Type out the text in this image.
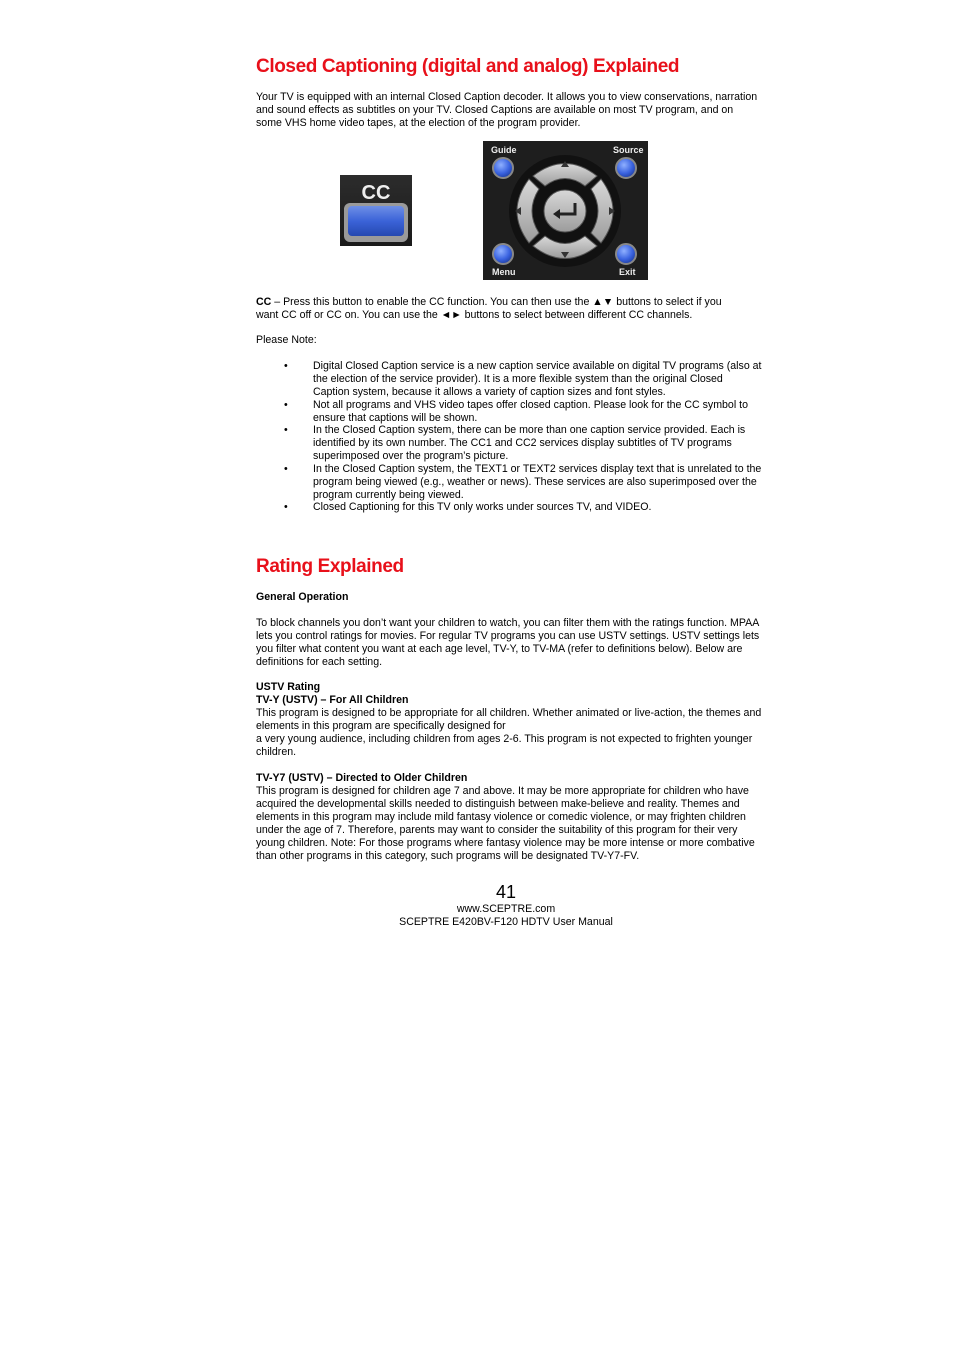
Closed Captioning (digital and analog) Explained

Your TV is equipped with an internal Closed Caption decoder. It allows you to view conservations, narration and sound effects as subtitles on your TV. Closed Captions are available on most TV program, and on some VHS home video tapes, at the election of the program provider.

CC
Guide	Source
Menu	Exit
CC – Press this button to enable the CC function. You can then use the ▲▼ buttons to select if you
want CC off or CC on. You can use the ◄► buttons to select between different CC channels.

Please Note:

• Digital Closed Caption service is a new caption service available on digital TV programs (also at the election of the service provider). It is a more flexible system than the original Closed Caption system, because it allows a variety of caption sizes and font styles.
• Not all programs and VHS video tapes offer closed caption. Please look for the CC symbol to ensure that captions will be shown.
• In the Closed Caption system, there can be more than one caption service provided. Each is identified by its own number. The CC1 and CC2 services display subtitles of TV programs superimposed over the program’s picture.
• In the Closed Caption system, the TEXT1 or TEXT2 services display text that is unrelated to the program being viewed (e.g., weather or news). These services are also superimposed over the program currently being viewed.
• Closed Captioning for this TV only works under sources TV, and VIDEO.
Rating Explained

General Operation

To block channels you don’t want your children to watch, you can filter them with the ratings function. MPAA lets you control ratings for movies. For regular TV programs you can use USTV settings. USTV settings lets you filter what content you want at each age level, TV-Y, to TV-MA (refer to definitions below). Below are definitions for each setting.

USTV Rating

TV-Y (USTV) – For All Children

This program is designed to be appropriate for all children. Whether animated or live-action, the themes and elements in this program are specifically designed for

a very young audience, including children from ages 2-6. This program is not expected to frighten younger children.

TV-Y7 (USTV) – Directed to Older Children

This program is designed for children age 7 and above. It may be more appropriate for children who have acquired the developmental skills needed to distinguish between make-believe and reality. Themes and elements in this program may include mild fantasy violence or comedic violence, or may frighten children under the age of 7. Therefore, parents may want to consider the suitability of this program for their very young children. Note: For those programs where fantasy violence may be more intense or more combative than other programs in this category, such programs will be designated TV-Y7-FV.

41
www.SCEPTRE.com
SCEPTRE E420BV-F120 HDTV User Manual
